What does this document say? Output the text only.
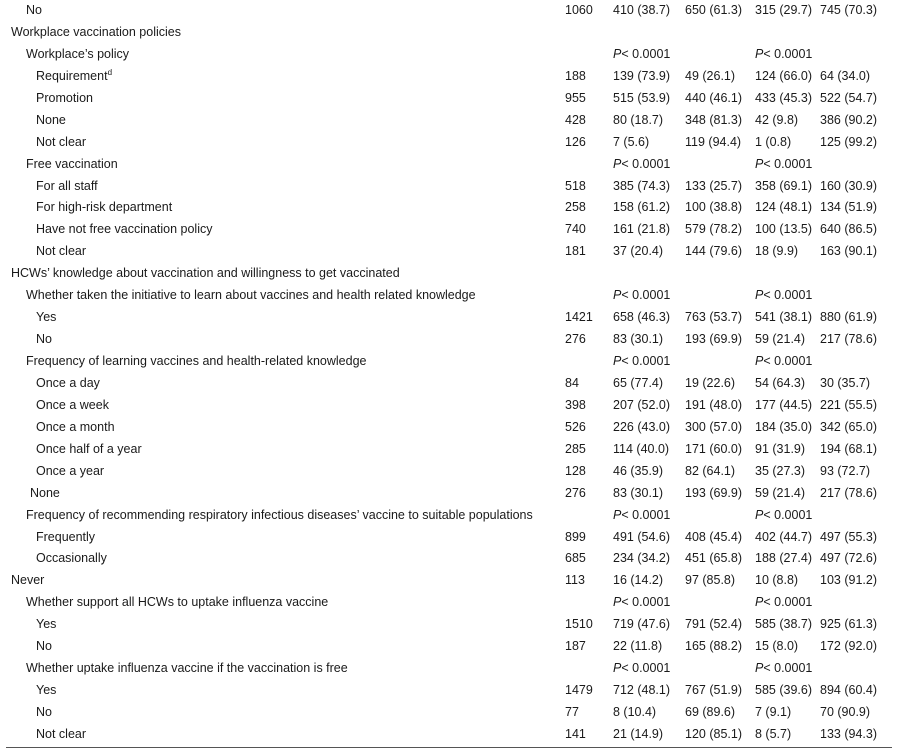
No	1060 410 (38.7) 650 (61.3) 315 (29.7) 745 (70.3)
Workplace vaccination policies
Workplace’s policy	P< 0.0001	P< 0.0001
Requirement$^d$	188 139 (73.9) 49 (26.1) 124 (66.0) 64 (34.0)
Promotion	955 515 (53.9) 440 (46.1) 433 (45.3) 522 (54.7)
None	428 80 (18.7) 348 (81.3) 42 (9.8) 386 (90.2)
Not clear	126 7 (5.6)	119 (94.4) 1 (0.8) 125 (99.2)
Free vaccination	P< 0.0001	P< 0.0001
For all staff	518 385 (74.3) 133 (25.7) 358 (69.1) 160 (30.9)
For high-risk department	258 158 (61.2) 100 (38.8) 124 (48.1) 134 (51.9)
Have not free vaccination policy	740 161 (21.8) 579 (78.2) 100 (13.5) 640 (86.5)
Not clear	181 37 (20.4) 144 (79.6) 18 (9.9) 163 (90.1)
HCWs’ knowledge about vaccination and willingness to get vaccinated
Whether taken the initiative to learn about vaccines and health related knowledge	P< 0.0001	P< 0.0001
Yes	1421 658 (46.3) 763 (53.7) 541 (38.1) 880 (61.9)
No	276 83 (30.1) 193 (69.9) 59 (21.4) 217 (78.6)
Frequency of learning vaccines and health-related knowledge	P< 0.0001	P< 0.0001
Once a day	84	65 (77.4) 19 (22.6) 54 (64.3) 30 (35.7)
Once a week	398 207 (52.0) 191 (48.0) 177 (44.5) 221 (55.5)
Once a month	526 226 (43.0) 300 (57.0) 184 (35.0) 342 (65.0)
Once half of a year	285 114 (40.0) 171 (60.0) 91 (31.9) 194 (68.1)
Once a year	128 46 (35.9) 82 (64.1) 35 (27.3) 93 (72.7)
None	276 83 (30.1) 193 (69.9) 59 (21.4) 217 (78.6)
Frequency of recommending respiratory infectious diseases’ vaccine to suitable populations	P< 0.0001	P< 0.0001
Frequently	899 491 (54.6) 408 (45.4) 402 (44.7) 497 (55.3)
Occasionally	685 234 (34.2) 451 (65.8) 188 (27.4) 497 (72.6)
Never	113 16 (14.2) 97 (85.8) 10 (8.8) 103 (91.2)
Whether support all HCWs to uptake influenza vaccine	P< 0.0001	P< 0.0001
Yes	1510 719 (47.6) 791 (52.4) 585 (38.7) 925 (61.3)
No	187 22 (11.8) 165 (88.2) 15 (8.0) 172 (92.0)
Whether uptake influenza vaccine if the vaccination is free	P< 0.0001	P< 0.0001
Yes	1479 712 (48.1) 767 (51.9) 585 (39.6) 894 (60.4)
No	77	8 (10.4) 69 (89.6) 7 (9.1) 70 (90.9)
Not clear	141 21 (14.9) 120 (85.1) 8 (5.7) 133 (94.3)
